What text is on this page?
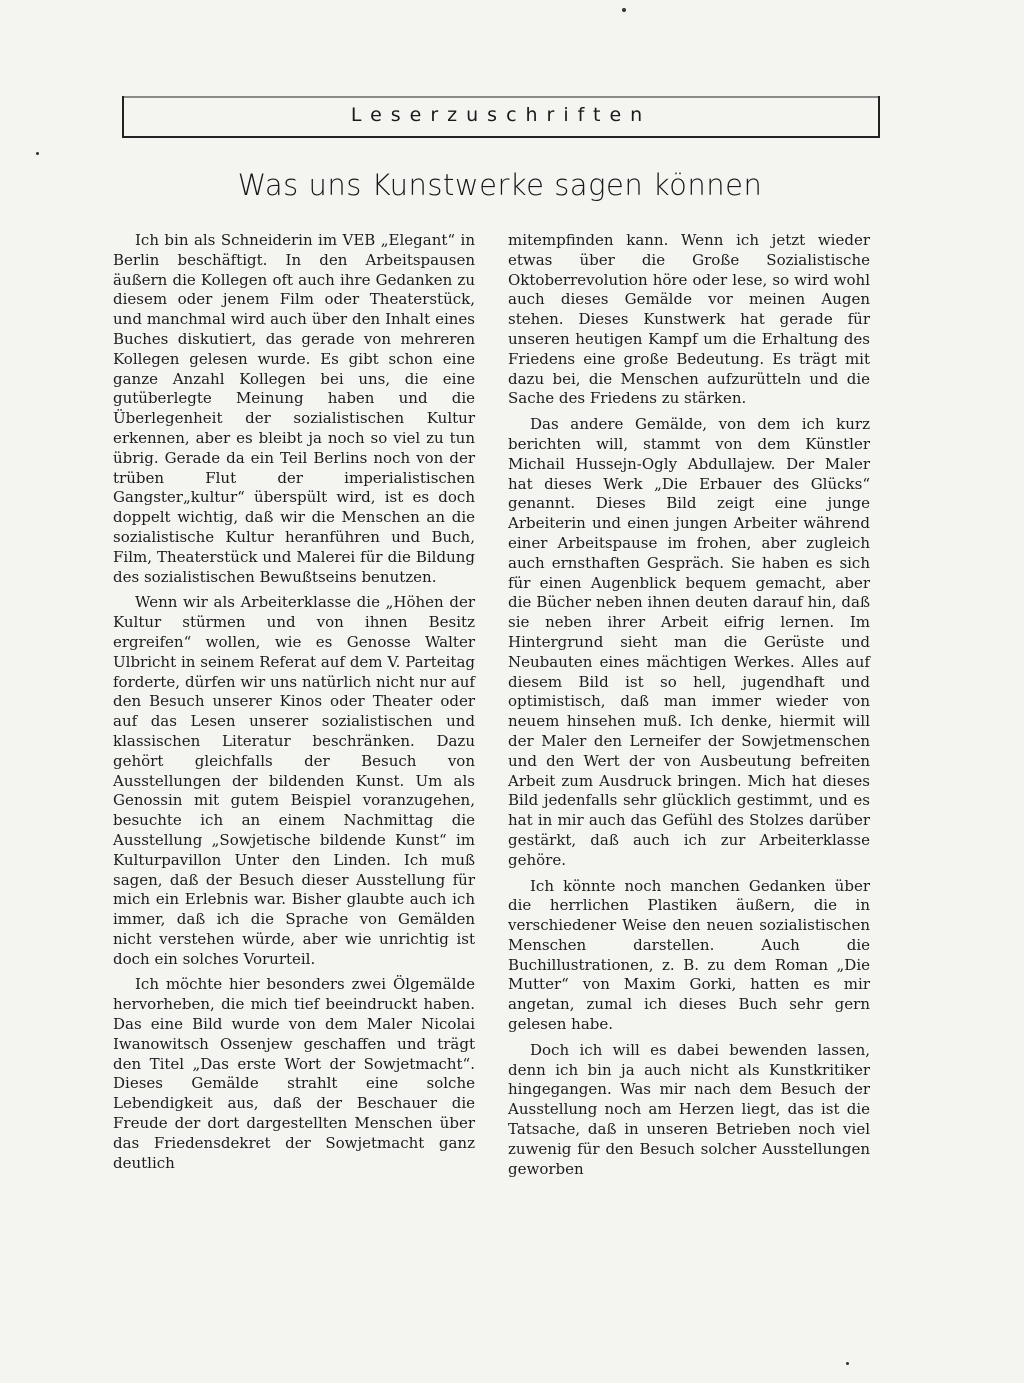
Leserzuschriften
Was uns Kunstwerke sagen können

Ich bin als Schneiderin im VEB „Elegant“ in Berlin beschäftigt. In den Arbeitspausen äußern die Kollegen oft auch ihre Gedanken zu diesem oder jenem Film oder Theaterstück, und manchmal wird auch über den Inhalt eines Buches diskutiert, das gerade von mehreren Kollegen gelesen wurde. Es gibt schon eine ganze Anzahl Kollegen bei uns, die eine gutüberlegte Meinung haben und die Überlegenheit der sozialistischen Kultur erkennen, aber es bleibt ja noch so viel zu tun übrig. Gerade da ein Teil Berlins noch von der trüben Flut der imperialistischen Gangster„kultur“ überspült wird, ist es doch doppelt wichtig, daß wir die Menschen an die sozialistische Kultur heranführen und Buch, Film, Theaterstück und Malerei für die Bildung des sozialistischen Bewußtseins benutzen.

Wenn wir als Arbeiterklasse die „Höhen der Kultur stürmen und von ihnen Besitz ergreifen“ wollen, wie es Genosse Walter Ulbricht in seinem Referat auf dem V. Parteitag forderte, dürfen wir uns natürlich nicht nur auf den Besuch unserer Kinos oder Theater oder auf das Lesen unserer sozialistischen und klassischen Literatur beschränken. Dazu gehört gleichfalls der Besuch von Ausstellungen der bildenden Kunst. Um als Genossin mit gutem Beispiel voranzugehen, besuchte ich an einem Nachmittag die Ausstellung „Sowjetische bildende Kunst“ im Kulturpavillon Unter den Linden. Ich muß sagen, daß der Besuch dieser Ausstellung für mich ein Erlebnis war. Bisher glaubte auch ich immer, daß ich die Sprache von Gemälden nicht verstehen würde, aber wie unrichtig ist doch ein solches Vorurteil.

Ich möchte hier besonders zwei Ölgemälde hervorheben, die mich tief beeindruckt haben. Das eine Bild wurde von dem Maler Nicolai Iwanowitsch Ossenjew geschaffen und trägt den Titel „Das erste Wort der Sowjetmacht“. Dieses Gemälde strahlt eine solche Lebendigkeit aus, daß der Beschauer die Freude der dort dargestellten Menschen über das Friedensdekret der Sowjetmacht ganz deutlich

mitempfinden kann. Wenn ich jetzt wieder etwas über die Große Sozialistische Oktoberrevolution höre oder lese, so wird wohl auch dieses Gemälde vor meinen Augen stehen. Dieses Kunstwerk hat gerade für unseren heutigen Kampf um die Erhaltung des Friedens eine große Bedeutung. Es trägt mit dazu bei, die Menschen aufzurütteln und die Sache des Friedens zu stärken.

Das andere Gemälde, von dem ich kurz berichten will, stammt von dem Künstler Michail Hussejn-Ogly Abdullajew. Der Maler hat dieses Werk „Die Erbauer des Glücks“ genannt. Dieses Bild zeigt eine junge Arbeiterin und einen jungen Arbeiter während einer Arbeitspause im frohen, aber zugleich auch ernsthaften Gespräch. Sie haben es sich für einen Augenblick bequem gemacht, aber die Bücher neben ihnen deuten darauf hin, daß sie neben ihrer Arbeit eifrig lernen. Im Hintergrund sieht man die Gerüste und Neubauten eines mächtigen Werkes. Alles auf diesem Bild ist so hell, jugendhaft und optimistisch, daß man immer wieder von neuem hinsehen muß. Ich denke, hiermit will der Maler den Lerneifer der Sowjetmenschen und den Wert der von Ausbeutung befreiten Arbeit zum Ausdruck bringen. Mich hat dieses Bild jedenfalls sehr glücklich gestimmt, und es hat in mir auch das Gefühl des Stolzes darüber gestärkt, daß auch ich zur Arbeiterklasse gehöre.

Ich könnte noch manchen Gedanken über die herrlichen Plastiken äußern, die in verschiedener Weise den neuen sozialistischen Menschen darstellen. Auch die Buchillustrationen, z. B. zu dem Roman „Die Mutter“ von Maxim Gorki, hatten es mir angetan, zumal ich dieses Buch sehr gern gelesen habe.

Doch ich will es dabei bewenden lassen, denn ich bin ja auch nicht als Kunstkritiker hingegangen. Was mir nach dem Besuch der Ausstellung noch am Herzen liegt, das ist die Tatsache, daß in unseren Betrieben noch viel zuwenig für den Besuch solcher Ausstellungen geworben
